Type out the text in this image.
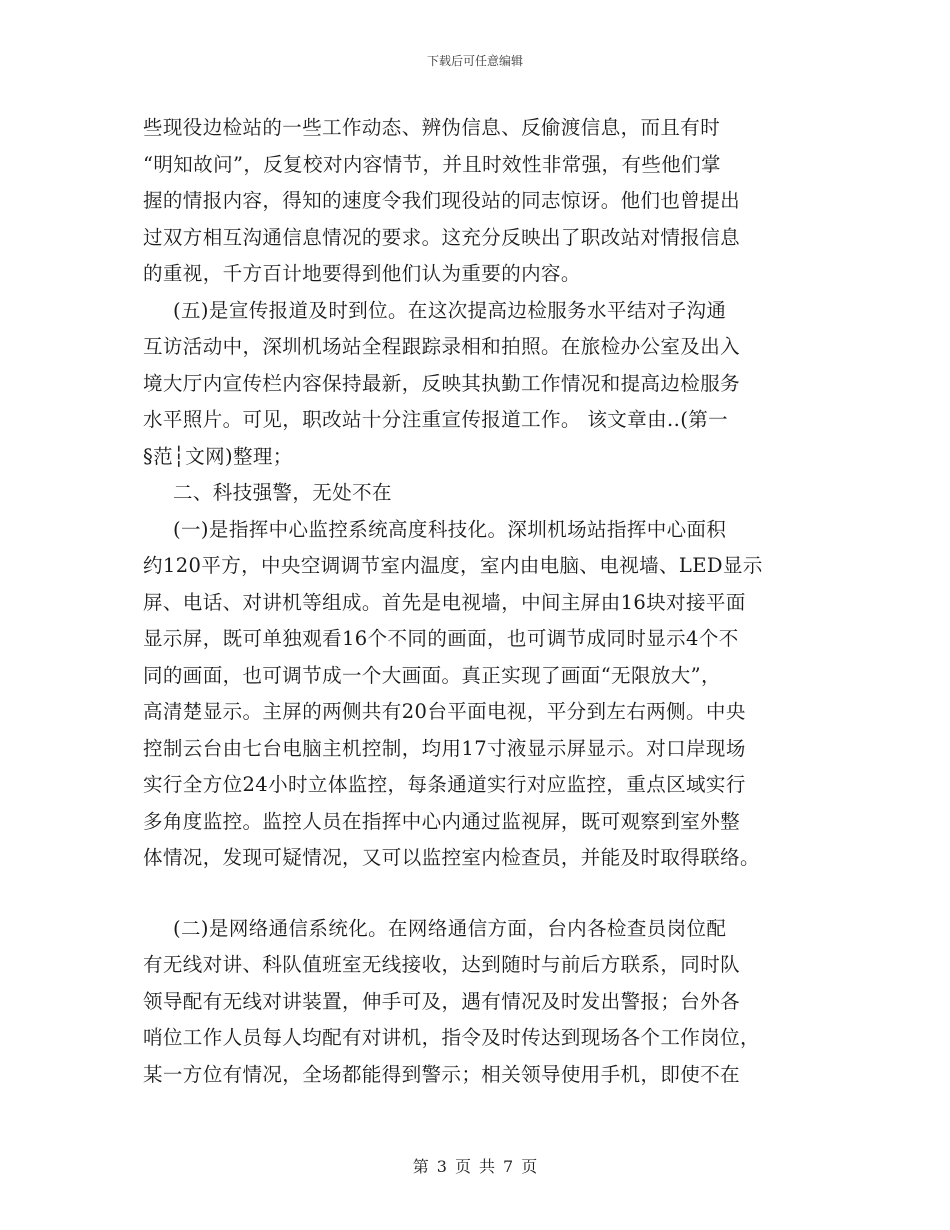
下载后可任意编辑
些现役边检站的一些工作动态、辨伪信息、反偷渡信息，而且有时
“明知故问”，反复校对内容情节，并且时效性非常强，有些他们掌
握的情报内容，得知的速度令我们现役站的同志惊讶。他们也曾提出
过双方相互沟通信息情况的要求。这充分反映出了职改站对情报信息
的重视，千方百计地要得到他们认为重要的内容。
(五)是宣传报道及时到位。在这次提高边检服务水平结对子沟通
互访活动中，深圳机场站全程跟踪录相和拍照。在旅检办公室及出入
境大厅内宣传栏内容保持最新，反映其执勤工作情况和提高边检服务
水平照片。可见，职改站十分注重宣传报道工作。 该文章由..(第一
§范┆文网)整理；
二、科技强警，无处不在
(一)是指挥中心监控系统高度科技化。深圳机场站指挥中心面积
约120平方，中央空调调节室内温度，室内由电脑、电视墙、LED显示
屏、电话、对讲机等组成。首先是电视墙，中间主屏由16块对接平面
显示屏，既可单独观看16个不同的画面，也可调节成同时显示4个不
同的画面，也可调节成一个大画面。真正实现了画面“无限放大”，
高清楚显示。主屏的两侧共有20台平面电视，平分到左右两侧。中央
控制云台由七台电脑主机控制，均用17寸液显示屏显示。对口岸现场
实行全方位24小时立体监控，每条通道实行对应监控，重点区域实行
多角度监控。监控人员在指挥中心内通过监视屏，既可观察到室外整
体情况，发现可疑情况，又可以监控室内检查员，并能及时取得联络。
(二)是网络通信系统化。在网络通信方面，台内各检查员岗位配
有无线对讲、科队值班室无线接收，达到随时与前后方联系，同时队
领导配有无线对讲装置，伸手可及，遇有情况及时发出警报；台外各
哨位工作人员每人均配有对讲机，指令及时传达到现场各个工作岗位，
某一方位有情况，全场都能得到警示；相关领导使用手机，即使不在
第 3 页 共 7 页
